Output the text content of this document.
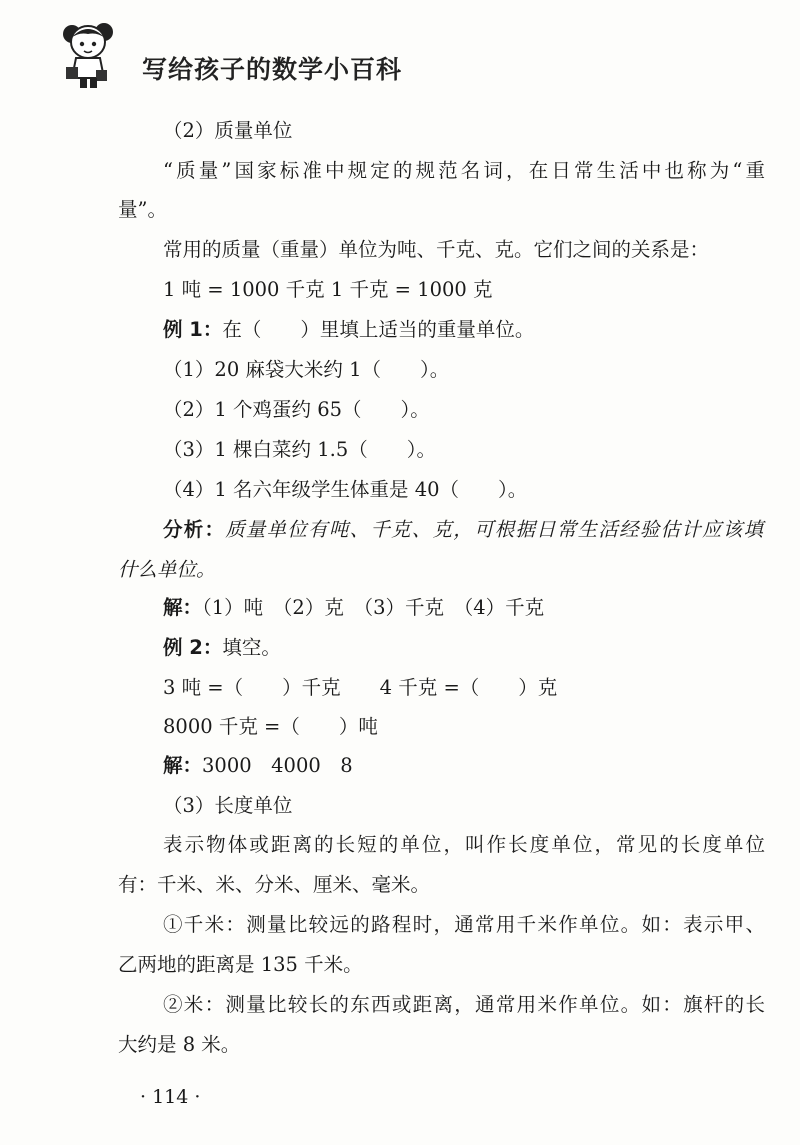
写给孩子的数学小百科
（2）质量单位
“质量”国家标准中规定的规范名词，在日常生活中也称为“重
量”。
常用的质量（重量）单位为吨、千克、克。它们之间的关系是：
1 吨 = 1000 千克 1 千克 = 1000 克
例 1：在（　　）里填上适当的重量单位。
（1）20 麻袋大米约 1（　　）。
（2）1 个鸡蛋约 65（　　）。
（3）1 棵白菜约 1.5（　　）。
（4）1 名六年级学生体重是 40（　　）。
分析：质量单位有吨、千克、克，可根据日常生活经验估计应该填
什么单位。
解：（1）吨　（2）克　（3）千克　（4）千克
例 2：填空。
3 吨 =（　　）千克　　4 千克 =（　　）克
8000 千克 =（　　）吨
解：3000　4000　8
（3）长度单位
表示物体或距离的长短的单位，叫作长度单位，常见的长度单位
有：千米、米、分米、厘米、毫米。
①千米：测量比较远的路程时，通常用千米作单位。如：表示甲、
乙两地的距离是 135 千米。
②米：测量比较长的东西或距离，通常用米作单位。如：旗杆的长
大约是 8 米。
· 114 ·
